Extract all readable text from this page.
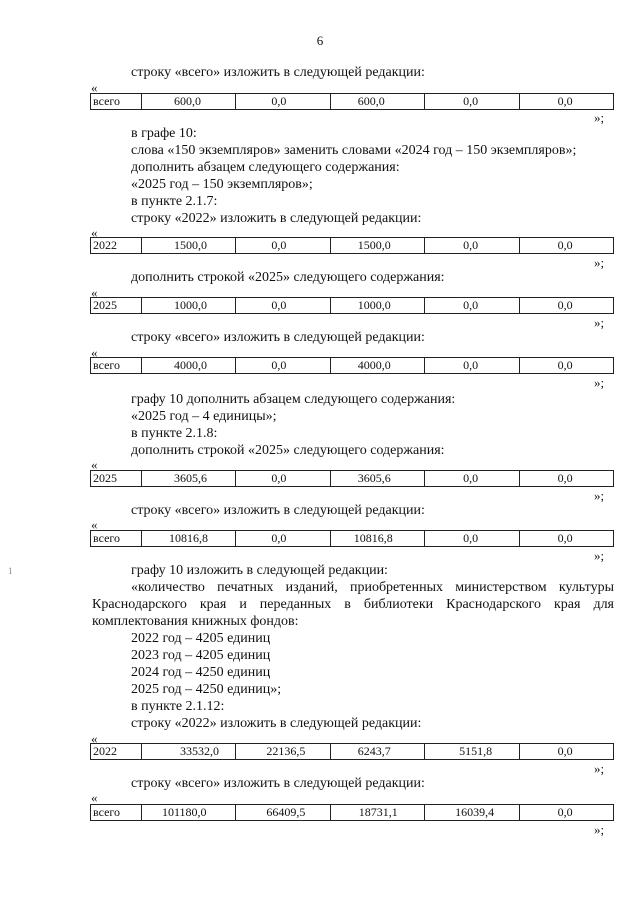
6
строку «всего» изложить в следующей редакции:
«
всего	600,0	0,0	600,0	0,0	0,0
»;
в графе 10:
слова «150 экземпляров» заменить словами «2024 год – 150 экземпляров»;
дополнить абзацем следующего содержания:
«2025 год – 150 экземпляров»;
в пункте 2.1.7:
строку «2022» изложить в следующей редакции:
«
2022	1500,0	0,0	1500,0	0,0	0,0
»;
дополнить строкой «2025» следующего содержания:
«
2025	1000,0	0,0	1000,0	0,0	0,0
»;
строку «всего» изложить в следующей редакции:
«
всего	4000,0	0,0	4000,0	0,0	0,0
»;
графу 10 дополнить абзацем следующего содержания:
«2025 год – 4 единицы»;
в пункте 2.1.8:
дополнить строкой «2025» следующего содержания:
«
2025	3605,6	0,0	3605,6	0,0	0,0
»;
строку «всего» изложить в следующей редакции:
«
всего	10816,8	0,0	10816,8	0,0	0,0
»;
1	графу 10 изложить в следующей редакции:
«количество печатных изданий, приобретенных министерством культуры Краснодарского края и переданных в библиотеки Краснодарского края для комплектования книжных фондов:
2022 год – 4205 единиц
2023 год – 4205 единиц
2024 год – 4250 единиц
2025 год – 4250 единиц»;
в пункте 2.1.12:
строку «2022» изложить в следующей редакции:
«
2022	33532,0	22136,5	6243,7	5151,8	0,0
»;
строку «всего» изложить в следующей редакции:
«
всего	101180,0	66409,5	18731,1	16039,4	0,0
»;
